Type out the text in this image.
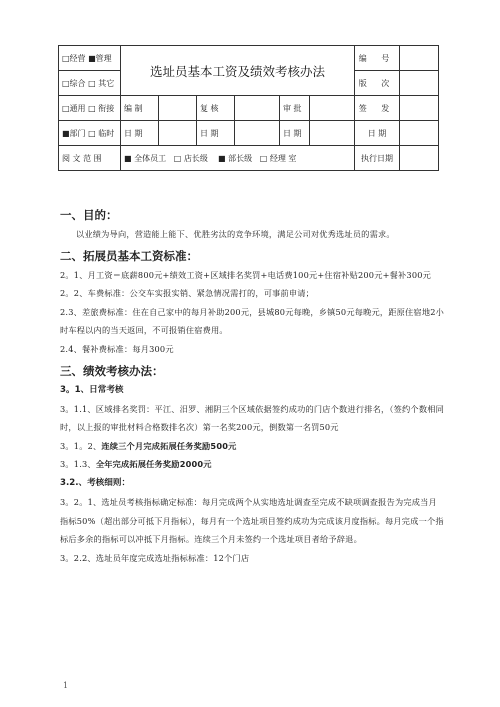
□经营 ■管理	选址员基本工资及绩效考核办法						编 号	
□综合 □ 其它							版 次	
□通用 □ 衔接	编 制		复 核		审 批		签 发	
■部门 □ 临时	日 期		日 期		日 期		日 期	
阅 文 范 围	■ 全体员工 □ 店长级 ■ 部长级 □ 经理 室						执行日期	

一、目的：

以业绩为导向，营造能上能下、优胜劣汰的竞争环境，满足公司对优秀选址员的需求。

二、拓展员基本工资标准：

2。1、月工资＝底薪800元+绩效工资+区域排名奖罚+电话费100元+住宿补贴200元+餐补300元

2。2、车费标准：公交车实报实销、紧急情况需打的，可事前申请；

2.3、差旅费标准：住在自己家中的每月补助200元，县城80元每晚，乡镇50元每晚元，距原住宿地2小时车程以内的当天返回，不可报销住宿费用。

2.4、餐补费标准：每月300元

三、绩效考核办法：

3。1、日常考核

3。1.1、区域排名奖罚：平江、汨罗、湘阴三个区域依据签约成功的门店个数进行排名，（签约个数相同时，以上报的审批材料合格数排名次）第一名奖200元，倒数第一名罚50元

3。1。2、连续三个月完成拓展任务奖励500元

3。1.3、全年完成拓展任务奖励2000元

3.2.、考核细则：

3。2。1、选址员考核指标确定标准：每月完成两个从实地选址调查至完成不缺项调查报告为完成当月指标50%（超出部分可抵下月指标），每月有一个选址项目签约成功为完成该月度指标。每月完成一个指标后多余的指标可以冲抵下月指标。连续三个月未签约一个选址项目者给予辞退。

3。2.2、选址员年度完成选址指标标准：12个门店

1
